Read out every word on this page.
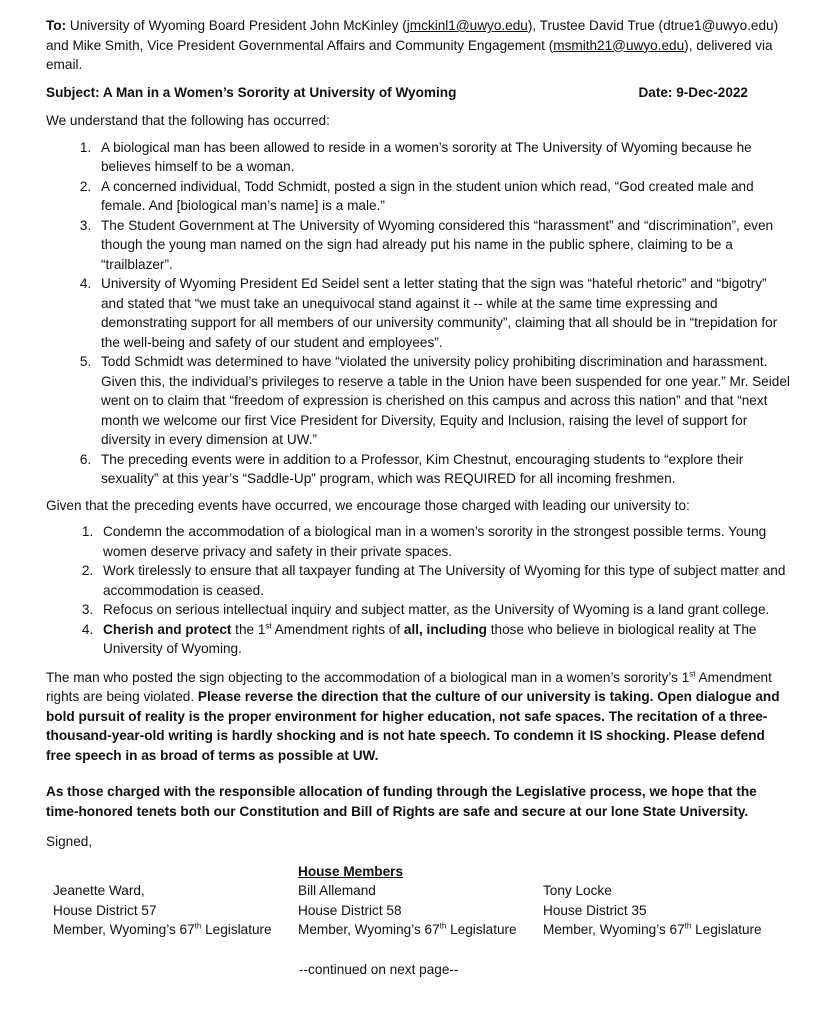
To: University of Wyoming Board President John McKinley (jmckinl1@uwyo.edu), Trustee David True (dtrue1@uwyo.edu) and Mike Smith, Vice President Governmental Affairs and Community Engagement (msmith21@uwyo.edu), delivered via email.

Subject: A Man in a Women’s Sorority at University of Wyoming	Date: 9-Dec-2022

We understand that the following has occurred:

1. A biological man has been allowed to reside in a women’s sorority at The University of Wyoming because he believes himself to be a woman.
2. A concerned individual, Todd Schmidt, posted a sign in the student union which read, “God created male and female. And [biological man’s name] is a male.”
3. The Student Government at The University of Wyoming considered this “harassment” and “discrimination”, even though the young man named on the sign had already put his name in the public sphere, claiming to be a “trailblazer”.
4. University of Wyoming President Ed Seidel sent a letter stating that the sign was “hateful rhetoric” and “bigotry” and stated that “we must take an unequivocal stand against it -- while at the same time expressing and demonstrating support for all members of our university community”, claiming that all should be in “trepidation for the well-being and safety of our student and employees”.
5. Todd Schmidt was determined to have “violated the university policy prohibiting discrimination and harassment. Given this, the individual’s privileges to reserve a table in the Union have been suspended for one year.” Mr. Seidel went on to claim that “freedom of expression is cherished on this campus and across this nation” and that “next month we welcome our first Vice President for Diversity, Equity and Inclusion, raising the level of support for diversity in every dimension at UW.”
6. The preceding events were in addition to a Professor, Kim Chestnut, encouraging students to “explore their sexuality” at this year’s “Saddle-Up” program, which was REQUIRED for all incoming freshmen.

Given that the preceding events have occurred, we encourage those charged with leading our university to:

1. Condemn the accommodation of a biological man in a women’s sorority in the strongest possible terms. Young women deserve privacy and safety in their private spaces.
2. Work tirelessly to ensure that all taxpayer funding at The University of Wyoming for this type of subject matter and accommodation is ceased.
3. Refocus on serious intellectual inquiry and subject matter, as the University of Wyoming is a land grant college.
4. Cherish and protect the 1st Amendment rights of all, including those who believe in biological reality at The University of Wyoming.

The man who posted the sign objecting to the accommodation of a biological man in a women’s sorority’s 1st Amendment rights are being violated. Please reverse the direction that the culture of our university is taking. Open dialogue and bold pursuit of reality is the proper environment for higher education, not safe spaces. The recitation of a three-thousand-year-old writing is hardly shocking and is not hate speech. To condemn it IS shocking. Please defend free speech in as broad of terms as possible at UW.

As those charged with the responsible allocation of funding through the Legislative process, we hope that the time-honored tenets both our Constitution and Bill of Rights are safe and secure at our lone State University.

Signed,

House Members
Jeanette Ward,
House District 57
Member, Wyoming’s 67th Legislature
Bill Allemand
House District 58
Member, Wyoming’s 67th Legislature
Tony Locke
House District 35
Member, Wyoming’s 67th Legislature

--continued on next page--
